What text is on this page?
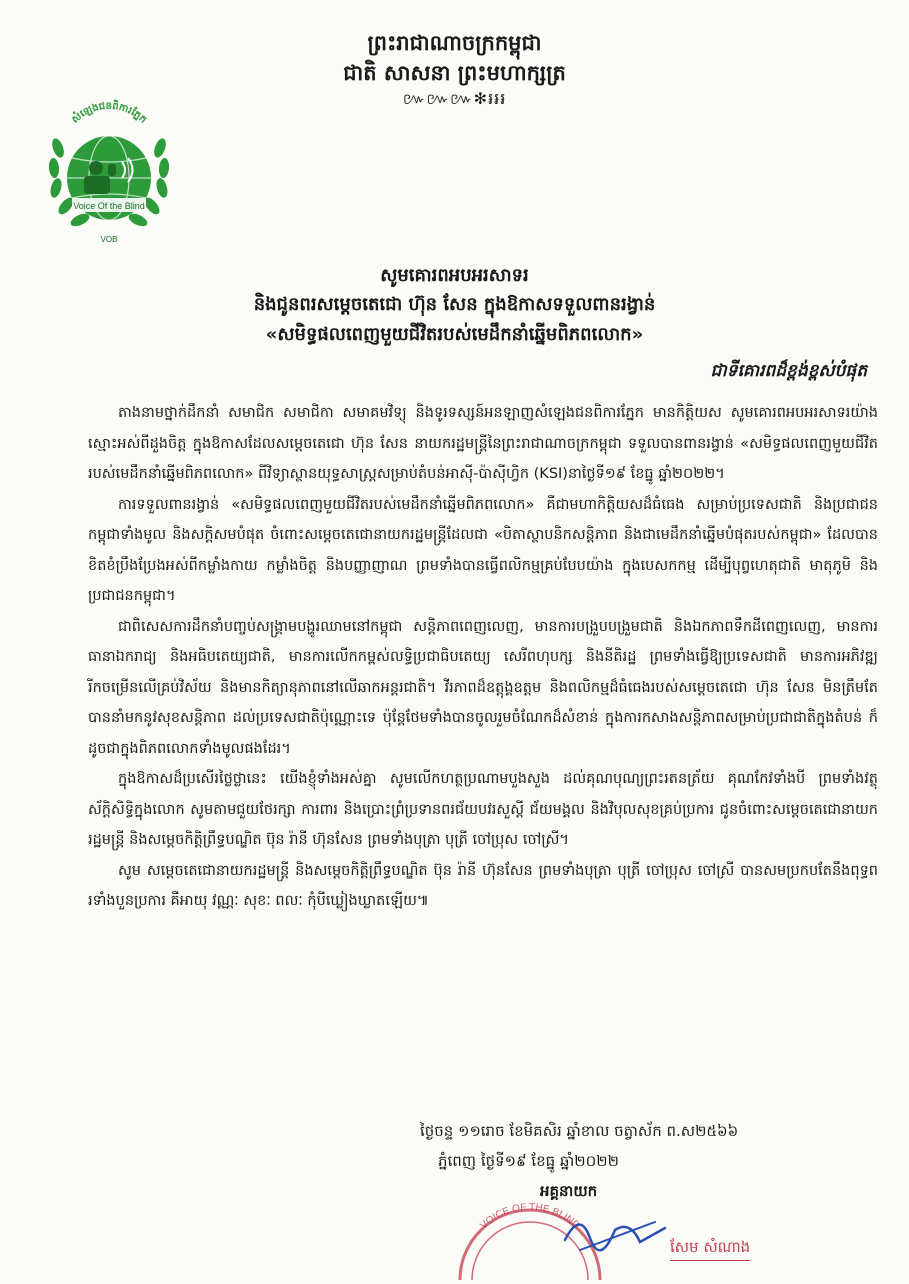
ព្រះរាជាណាចក្រកម្ពុជា
ជាតិ សាសនា ព្រះមហាក្សត្រ
៚៚៚✻៛៛៛
សំឡេងជនពិការភ្នែក
Voice Of the Blind
VOB
សូមគោរពអបអរសាទរ
និងជូនពរសម្តេចតេជោ ហ៊ុន សែន ក្នុងឱកាសទទួលពានរង្វាន់
«សមិទ្ធផលពេញមួយជីវិតរបស់មេដឹកនាំឆ្នើមពិភពលោក»
ជាទីគោរពដ៏ខ្ពង់ខ្ពស់បំផុត

តាងនាមថ្នាក់ដឹកនាំ សមាជិក សមាជិកា សមាគមវិទ្យុ និងទូរទស្សន៍អនឡាញសំឡេងជនពិការភ្នែក មានកិត្តិយស សូមគោរពអបអរសាទរយ៉ាងស្មោះអស់ពីដួងចិត្ត ក្នុងឱកាសដែលសម្តេចតេជោ ហ៊ុន សែន នាយករដ្ឋមន្ត្រីនៃព្រះរាជាណាចក្រកម្ពុជា ទទួលបានពានរង្វាន់ «សមិទ្ធផលពេញមួយជីវិតរបស់មេដឹកនាំឆ្នើមពិភពលោក» ពីវិទ្យាស្ថានយុទ្ធសាស្ត្រសម្រាប់តំបន់អាស៊ី-ប៉ាស៊ីហ្វិក (KSI)នាថ្ងៃទី១៩ ខែធ្នូ ឆ្នាំ២០២២។

ការទទួលពានរង្វាន់ «សមិទ្ធផលពេញមួយជីវិតរបស់មេដឹកនាំឆ្នើមពិភពលោក» គឺជាមហាកិត្តិយសដ៏ធំធេង សម្រាប់ប្រទេសជាតិ និងប្រជាជនកម្ពុជាទាំងមូល និងសក្តិសមបំផុត ចំពោះសម្តេចតេជោនាយករដ្ឋមន្ត្រីដែលជា «បិតាស្ថាបនិកសន្តិភាព និងជាមេដឹកនាំឆ្នើមបំផុតរបស់កម្ពុជា» ដែលបានខិតខំប្រឹងប្រែងអស់ពីកម្លាំងកាយ កម្លាំងចិត្ត និងបញ្ញាញាណ ព្រមទាំងបានធ្វើពលិកម្មគ្រប់បែបយ៉ាង ក្នុងបេសកកម្ម ដើម្បីបុព្វហេតុជាតិ មាតុភូមិ និងប្រជាជនកម្ពុជា។

ជាពិសេសការដឹកនាំបញ្ចប់សង្គ្រាមបង្ហូរឈាមនៅកម្ពុជា សន្តិភាពពេញលេញ, មានការបង្រួបបង្រួមជាតិ និងឯកភាពទឹកដីពេញលេញ, មានការធានាឯករាជ្យ និងអធិបតេយ្យជាតិ, មានការលើកកម្ពស់លទ្ធិប្រជាធិបតេយ្យ សេរីពហុបក្ស និងនីតិរដ្ឋ ព្រមទាំងធ្វើឱ្យប្រទេសជាតិ មានការអភិវឌ្ឍរីកចម្រើនលើគ្រប់វិស័យ និងមានកិត្យានុភាពនៅលើឆាកអន្តរជាតិ។ វីរភាពដ៏ឧត្តុង្គឧត្តម និងពលិកម្មដ៏ធំធេងរបស់សម្តេចតេជោ ហ៊ុន សែន មិនត្រឹមតែបាននាំមកនូវសុខសន្តិភាព ដល់ប្រទេសជាតិប៉ុណ្ណោះទេ ប៉ុន្តែថែមទាំងបានចូលរួមចំណែកដ៏សំខាន់ ក្នុងការកសាងសន្តិភាពសម្រាប់ប្រជាជាតិក្នុងតំបន់ ក៏ដូចជាក្នុងពិភពលោកទាំងមូលផងដែរ។

ក្នុងឱកាសដ៏ប្រសើរថ្លៃថ្លានេះ យើងខ្ញុំទាំងអស់គ្នា សូមលើកហត្ថប្រណាមបួងសួង ដល់គុណបុណ្យព្រះរតនត្រ័យ គុណកែវទាំងបី ព្រមទាំងវត្ថុស័ក្តិសិទ្ធិក្នុងលោក សូមតាមជួយថែរក្សា ការពារ និងប្រោះព្រំប្រទានពរជ័យបវរសួស្តី ជ័យមង្គល និងវិបុលសុខគ្រប់ប្រការ ជូនចំពោះសម្តេចតេជោនាយករដ្ឋមន្ត្រី និងសម្តេចកិត្តិព្រឹទ្ធបណ្ឌិត ប៊ុន រ៉ានី ហ៊ុនសែន ព្រមទាំងបុត្រា បុត្រី ចៅប្រុស ចៅស្រី។

សូម សម្តេចតេជោនាយករដ្ឋមន្ត្រី និងសម្តេចកិត្តិព្រឹទ្ធបណ្ឌិត ប៊ុន រ៉ានី ហ៊ុនសែន ព្រមទាំងបុត្រា បុត្រី ចៅប្រុស ចៅស្រី បានសមប្រកបតែនឹងពុទ្ធពរទាំងបួនប្រការ គឺអាយុ វណ្ណៈ សុខៈ ពលៈ កុំបីឃ្លៀងឃ្លាតឡើយ៕

ថ្ងៃចន្ទ ១១រោច ខែមិគសិរ ឆ្នាំខាល ចត្វាស័ក ព.ស២៥៦៦
ភ្នំពេញ ថ្ងៃទី១៩ ខែធ្នូ ឆ្នាំ២០២២
អគ្គនាយក
VOICE OF THE BLIND
សែម សំណាង
